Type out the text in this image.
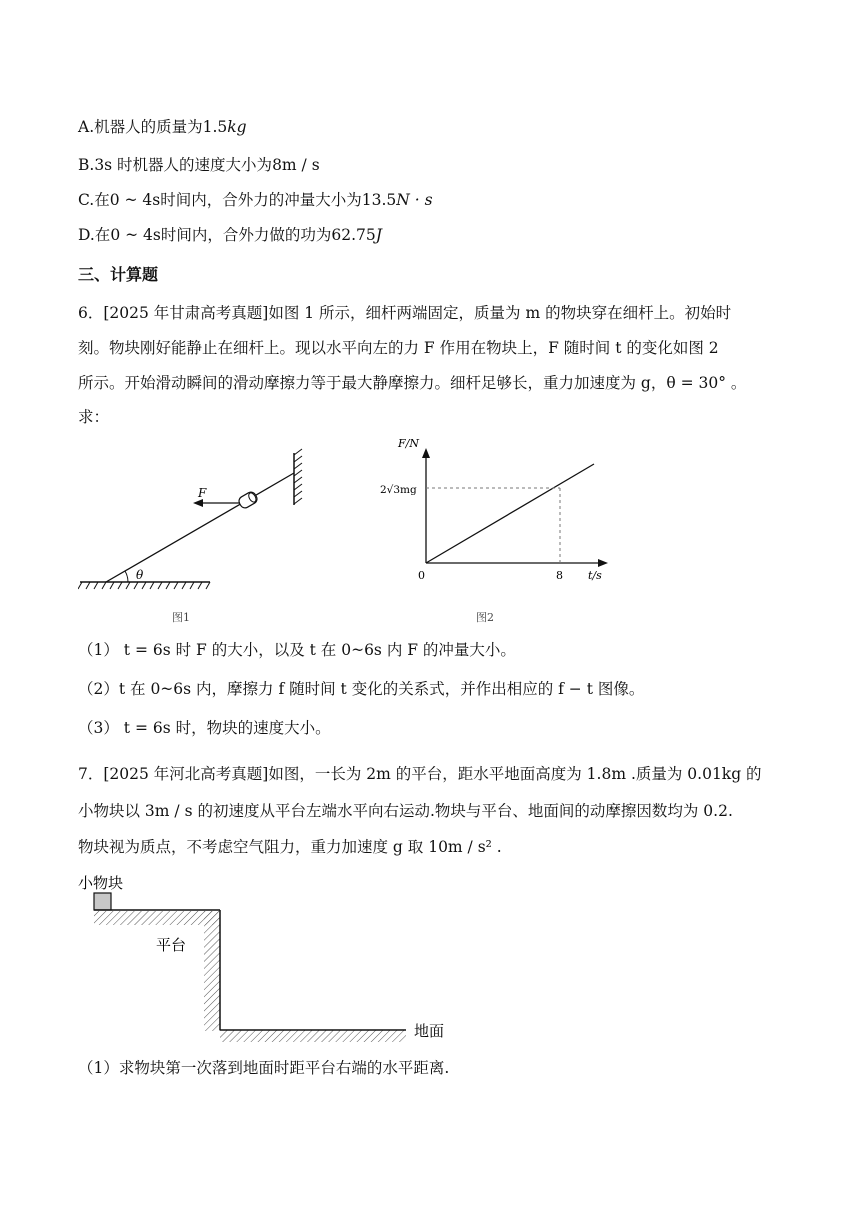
A.机器人的质量为1.5kg
B.3s 时机器人的速度大小为8m / s
C.在0 ~ 4s时间内，合外力的冲量大小为13.5N · s
D.在0 ~ 4s时间内，合外力做的功为62.75J
三、计算题
6．[2025 年甘肃高考真题]如图 1 所示，细杆两端固定，质量为 m 的物块穿在细杆上。初始时
刻。物块刚好能静止在细杆上。现以水平向左的力 F 作用在物块上，F 随时间 t 的变化如图 2
所示。开始滑动瞬间的滑动摩擦力等于最大静摩擦力。细杆足够长，重力加速度为 g，θ = 30° 。
求：
θ
F
图1
F/N
t/s
0
2√3mg
8
图2
（1） t = 6s 时 F 的大小，以及 t 在 0~6s 内 F 的冲量大小。
（2）t 在 0~6s 内，摩擦力 f 随时间 t 变化的关系式，并作出相应的 f − t 图像。
（3） t = 6s 时，物块的速度大小。
7．[2025 年河北高考真题]如图，一长为 2m 的平台，距水平地面高度为 1.8m .质量为 0.01kg 的
小物块以 3m / s 的初速度从平台左端水平向右运动.物块与平台、地面间的动摩擦因数均为 0.2.
物块视为质点，不考虑空气阻力，重力加速度 g 取 10m / s² .
小物块
平台
地面
（1）求物块第一次落到地面时距平台右端的水平距离.
